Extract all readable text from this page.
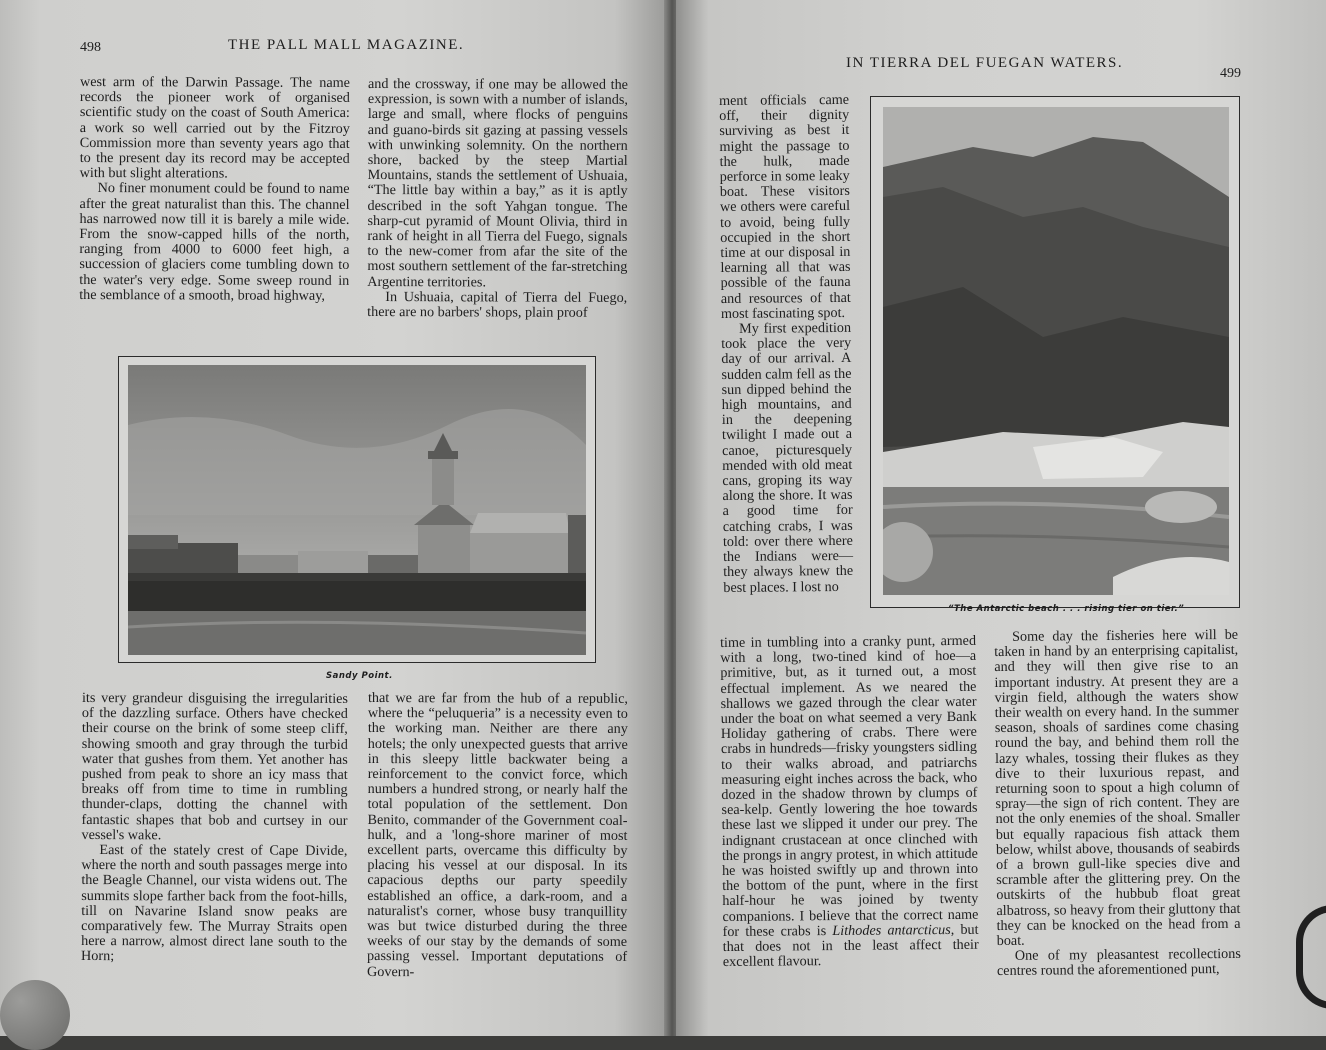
498	THE PALL MALL MAGAZINE.

west arm of the Darwin Passage. The name records the pioneer work of organised scientific study on the coast of South America: a work so well carried out by the Fitzroy Commission more than seventy years ago that to the present day its record may be accepted with but slight alterations.

No finer monument could be found to name after the great naturalist than this. The channel has narrowed now till it is barely a mile wide. From the snow-capped hills of the north, ranging from 4000 to 6000 feet high, a succession of glaciers come tumbling down to the water's very edge. Some sweep round in the semblance of a smooth, broad highway,

and the crossway, if one may be allowed the expression, is sown with a number of islands, large and small, where flocks of penguins and guano-birds sit gazing at passing vessels with unwinking solemnity. On the northern shore, backed by the steep Martial Mountains, stands the settlement of Ushuaia, “The little bay within a bay,” as it is aptly described in the soft Yahgan tongue. The sharp-cut pyramid of Mount Olivia, third in rank of height in all Tierra del Fuego, signals to the new-comer from afar the site of the most southern settlement of the far-stretching Argentine territories.

In Ushuaia, capital of Tierra del Fuego, there are no barbers' shops, plain proof

Sandy Point.

its very grandeur disguising the irregularities of the dazzling surface. Others have checked their course on the brink of some steep cliff, showing smooth and gray through the turbid water that gushes from them. Yet another has pushed from peak to shore an icy mass that breaks off from time to time in rumbling thunder-claps, dotting the channel with fantastic shapes that bob and curtsey in our vessel's wake.

East of the stately crest of Cape Divide, where the north and south passages merge into the Beagle Channel, our vista widens out. The summits slope farther back from the foot-hills, till on Navarine Island snow peaks are comparatively few. The Murray Straits open here a narrow, almost direct lane south to the Horn;

that we are far from the hub of a republic, where the “peluqueria” is a necessity even to the working man. Neither are there any hotels; the only unexpected guests that arrive in this sleepy little backwater being a reinforcement to the convict force, which numbers a hundred strong, or nearly half the total population of the settlement. Don Benito, commander of the Government coal-hulk, and a 'long-shore mariner of most excellent parts, overcame this difficulty by placing his vessel at our disposal. In its capacious depths our party speedily established an office, a dark-room, and a naturalist's corner, whose busy tranquillity was but twice disturbed during the three weeks of our stay by the demands of some passing vessel. Important deputations of Govern-

IN TIERRA DEL FUEGAN WATERS.
499

ment officials came off, their dignity surviving as best it might the passage to the hulk, made perforce in some leaky boat. These visitors we others were careful to avoid, being fully occupied in the short time at our disposal in learning all that was possible of the fauna and resources of that most fascinating spot.

My first expedition took place the very day of our arrival. A sudden calm fell as the sun dipped behind the high mountains, and in the deepening twilight I made out a canoe, picturesquely mended with old meat cans, groping its way along the shore. It was a good time for catching crabs, I was told: over there where the Indians were—they always knew the best places. I lost no

“The Antarctic beach . . . rising tier on tier.”

time in tumbling into a cranky punt, armed with a long, two-tined kind of hoe—a primitive, but, as it turned out, a most effectual implement. As we neared the shallows we gazed through the clear water under the boat on what seemed a very Bank Holiday gathering of crabs. There were crabs in hundreds—frisky youngsters sidling to their walks abroad, and patriarchs measuring eight inches across the back, who dozed in the shadow thrown by clumps of sea-kelp. Gently lowering the hoe towards these last we slipped it under our prey. The indignant crustacean at once clinched with the prongs in angry protest, in which attitude he was hoisted swiftly up and thrown into the bottom of the punt, where in the first half-hour he was joined by twenty companions. I believe that the correct name for these crabs is Lithodes antarcticus, but that does not in the least affect their excellent flavour.

Some day the fisheries here will be taken in hand by an enterprising capitalist, and they will then give rise to an important industry. At present they are a virgin field, although the waters show their wealth on every hand. In the summer season, shoals of sardines come chasing round the bay, and behind them roll the lazy whales, tossing their flukes as they dive to their luxurious repast, and returning soon to spout a high column of spray—the sign of rich content. They are not the only enemies of the shoal. Smaller but equally rapacious fish attack them below, whilst above, thousands of seabirds of a brown gull-like species dive and scramble after the glittering prey. On the outskirts of the hubbub float great albatross, so heavy from their gluttony that they can be knocked on the head from a boat.

One of my pleasantest recollections centres round the aforementioned punt,
